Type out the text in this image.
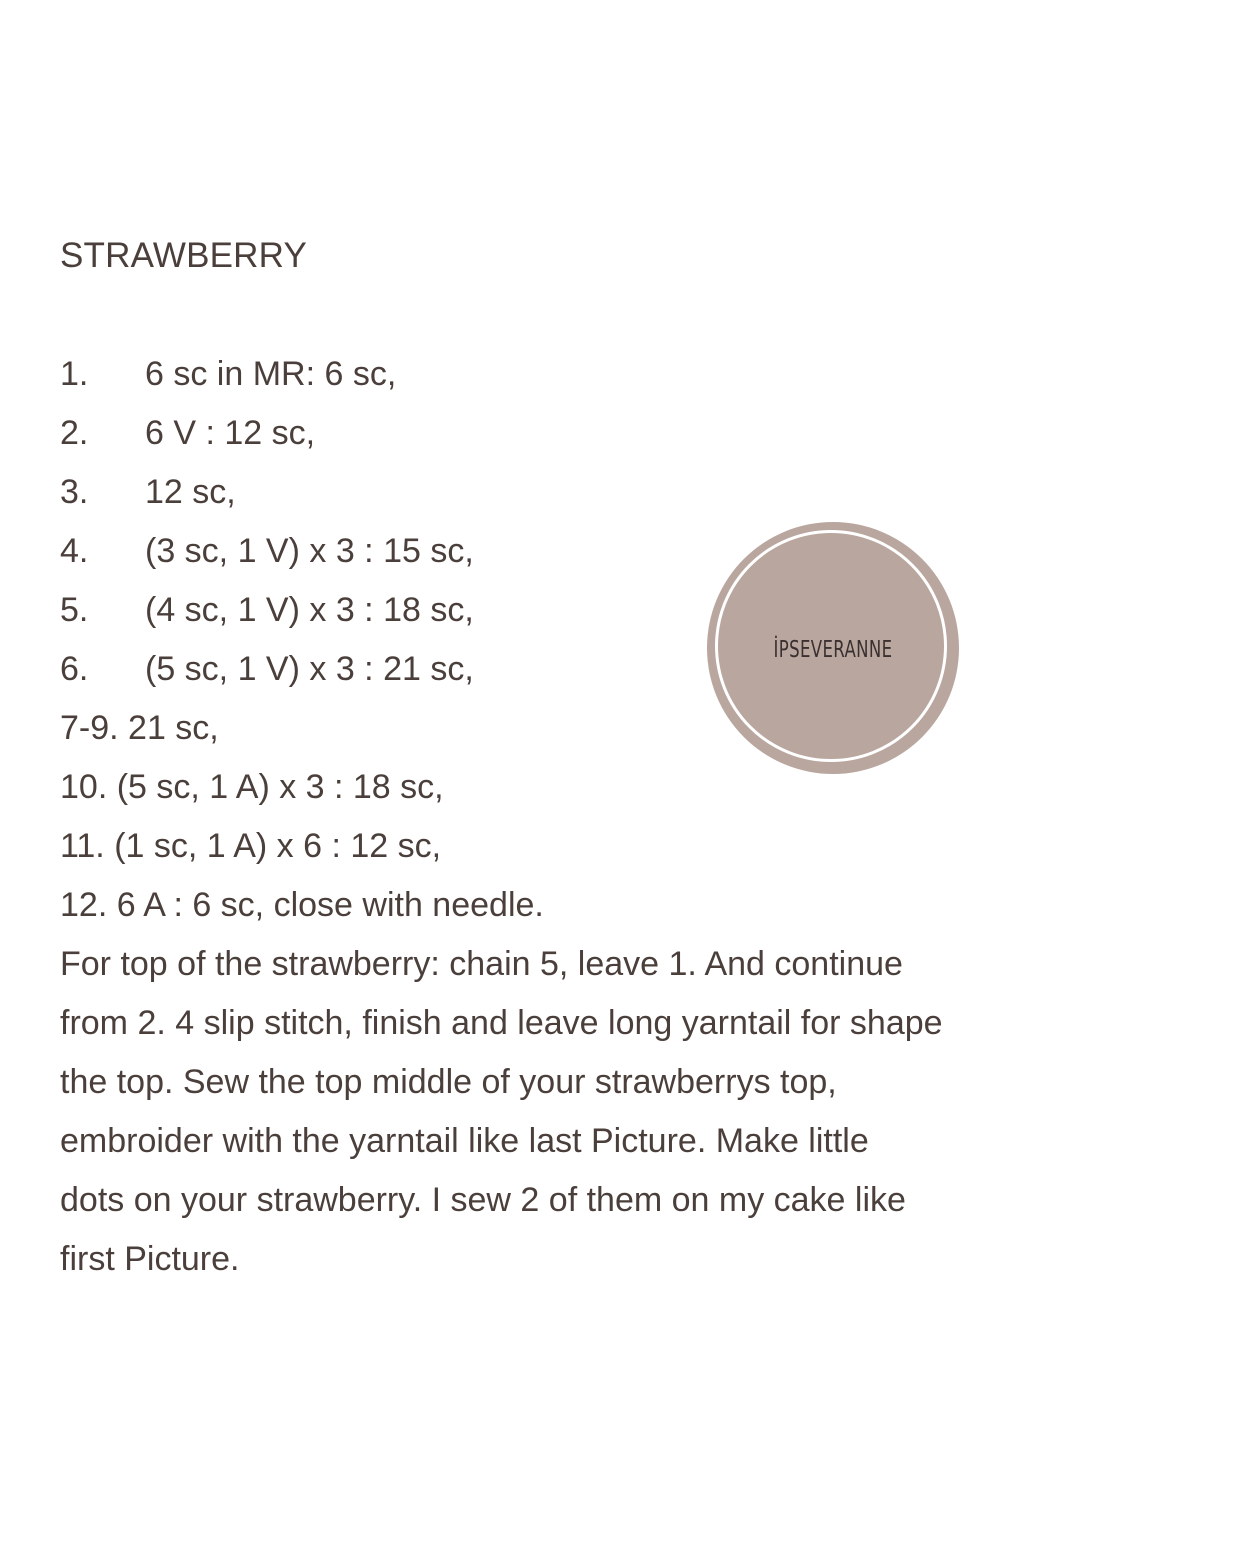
STRAWBERRY
1. 6 sc in MR: 6 sc,
2. 6 V : 12 sc,
3. 12 sc,
4. (3 sc, 1 V) x 3 : 15 sc,
5. (4 sc, 1 V) x 3 : 18 sc,
6. (5 sc, 1 V) x 3 : 21 sc,
7-9. 21 sc,
10. (5 sc, 1 A) x 3 : 18 sc,
11. (1 sc, 1 A) x 6 : 12 sc,
12. 6 A : 6 sc, close with needle.
For top of the strawberry: chain 5, leave 1. And continue
from 2. 4 slip stitch, finish and leave long yarntail for shape
the top. Sew the top middle of your strawberrys top,
embroider with the yarntail like last Picture. Make little
dots on your strawberry. I sew 2 of them on my cake like
first Picture.
İPSEVERANNE
